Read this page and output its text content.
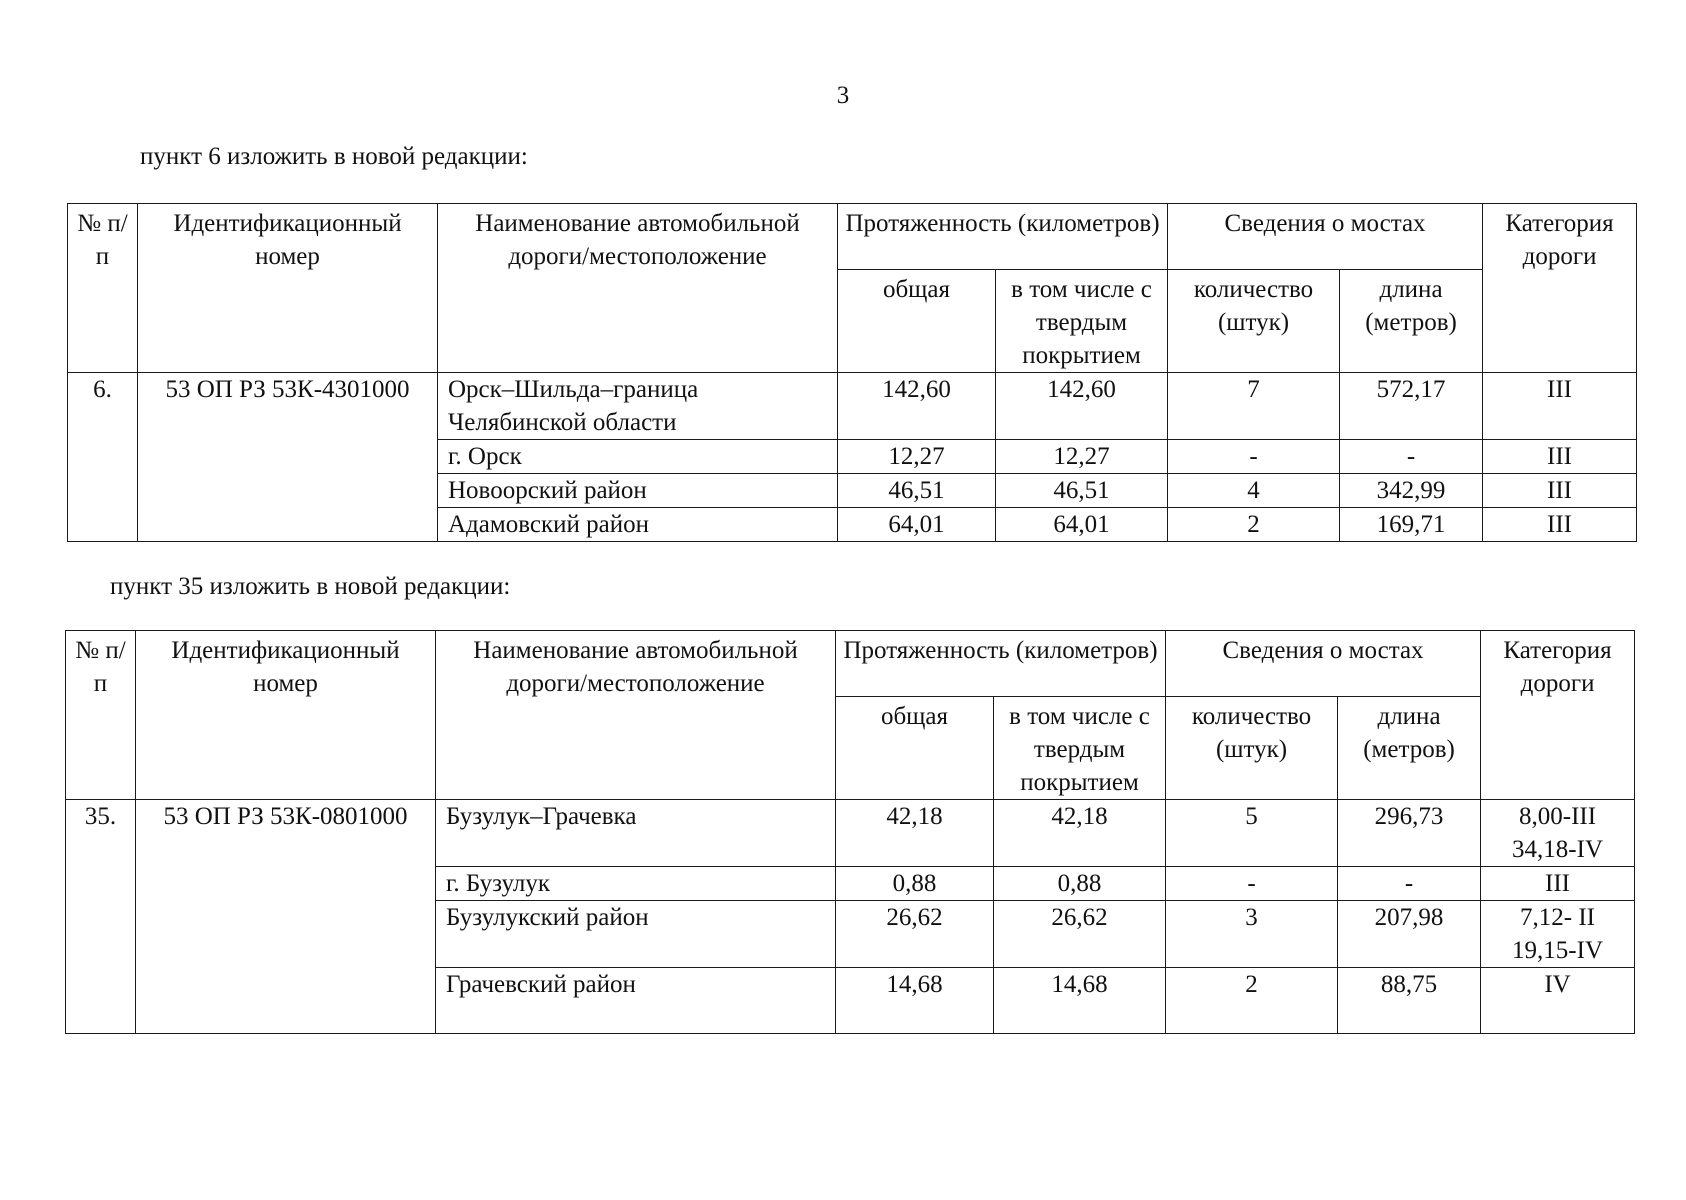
3
пункт 6 изложить в новой редакции:
№ п/п	Идентификационный номер	Наименование автомобильной дороги/местоположение	Протяженность (километров)		Сведения о мостах		Категория дороги
			общая	в том числе с твердым покрытием	количество (штук)	длина (метров)	
6.	53 ОП РЗ 53К-4301000	Орск–Шильда–граница Челябинской области	142,60	142,60	7	572,17	III
		г. Орск	12,27	12,27	-	-	III
		Новоорский район	46,51	46,51	4	342,99	III
		Адамовский район	64,01	64,01	2	169,71	III
пункт 35 изложить в новой редакции:
№ п/п	Идентификационный номер	Наименование автомобильной дороги/местоположение	Протяженность (километров)		Сведения о мостах		Категория дороги
			общая	в том числе с твердым покрытием	количество (штук)	длина (метров)	
35.	53 ОП РЗ 53К-0801000	Бузулук–Грачевка	42,18	42,18	5	296,73	8,00-III 34,18-IV
		г. Бузулук	0,88	0,88	-	-	III
		Бузулукский район	26,62	26,62	3	207,98	7,12- II 19,15-IV
		Грачевский район	14,68	14,68	2	88,75	IV
